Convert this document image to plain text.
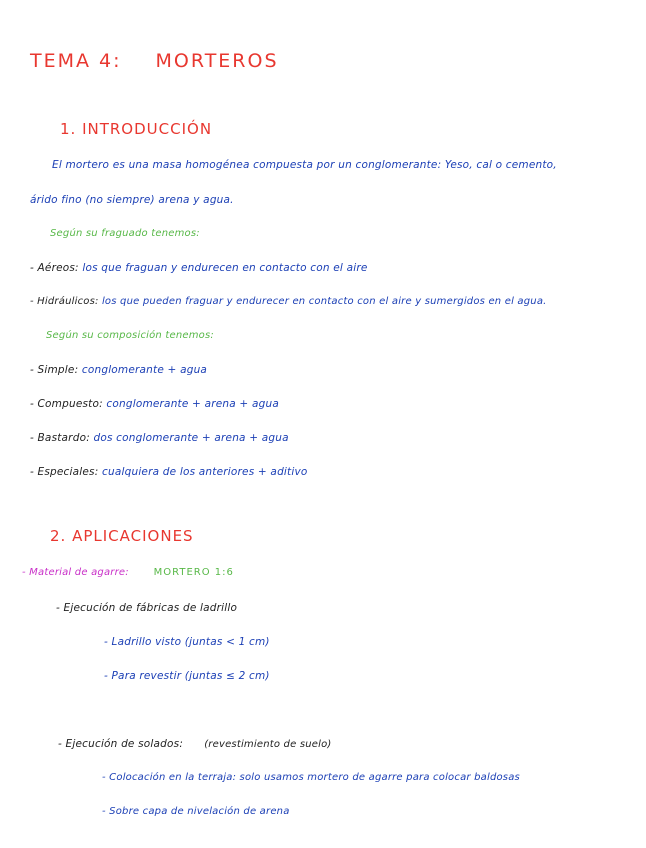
TEMA 4: MORTEROS
1. INTRODUCCIÓN
El mortero es una masa homogénea compuesta por un conglomerante: Yeso, cal o cemento,
árido fino (no siempre) arena y agua.
Según su fraguado tenemos:
- Aéreos: los que fraguan y endurecen en contacto con el aire
- Hidráulicos: los que pueden fraguar y endurecer en contacto con el aire y sumergidos en el agua.
Según su composición tenemos:
- Simple: conglomerante + agua
- Compuesto: conglomerante + arena + agua
- Bastardo: dos conglomerante + arena + agua
- Especiales: cualquiera de los anteriores + aditivo
2. APLICACIONES
- Material de agarre: MORTERO 1:6
- Ejecución de fábricas de ladrillo
- Ladrillo visto (juntas < 1 cm)
- Para revestir (juntas ≤ 2 cm)
- Ejecución de solados: (revestimiento de suelo)
- Colocación en la terraja: solo usamos mortero de agarre para colocar baldosas
- Sobre capa de nivelación de arena
